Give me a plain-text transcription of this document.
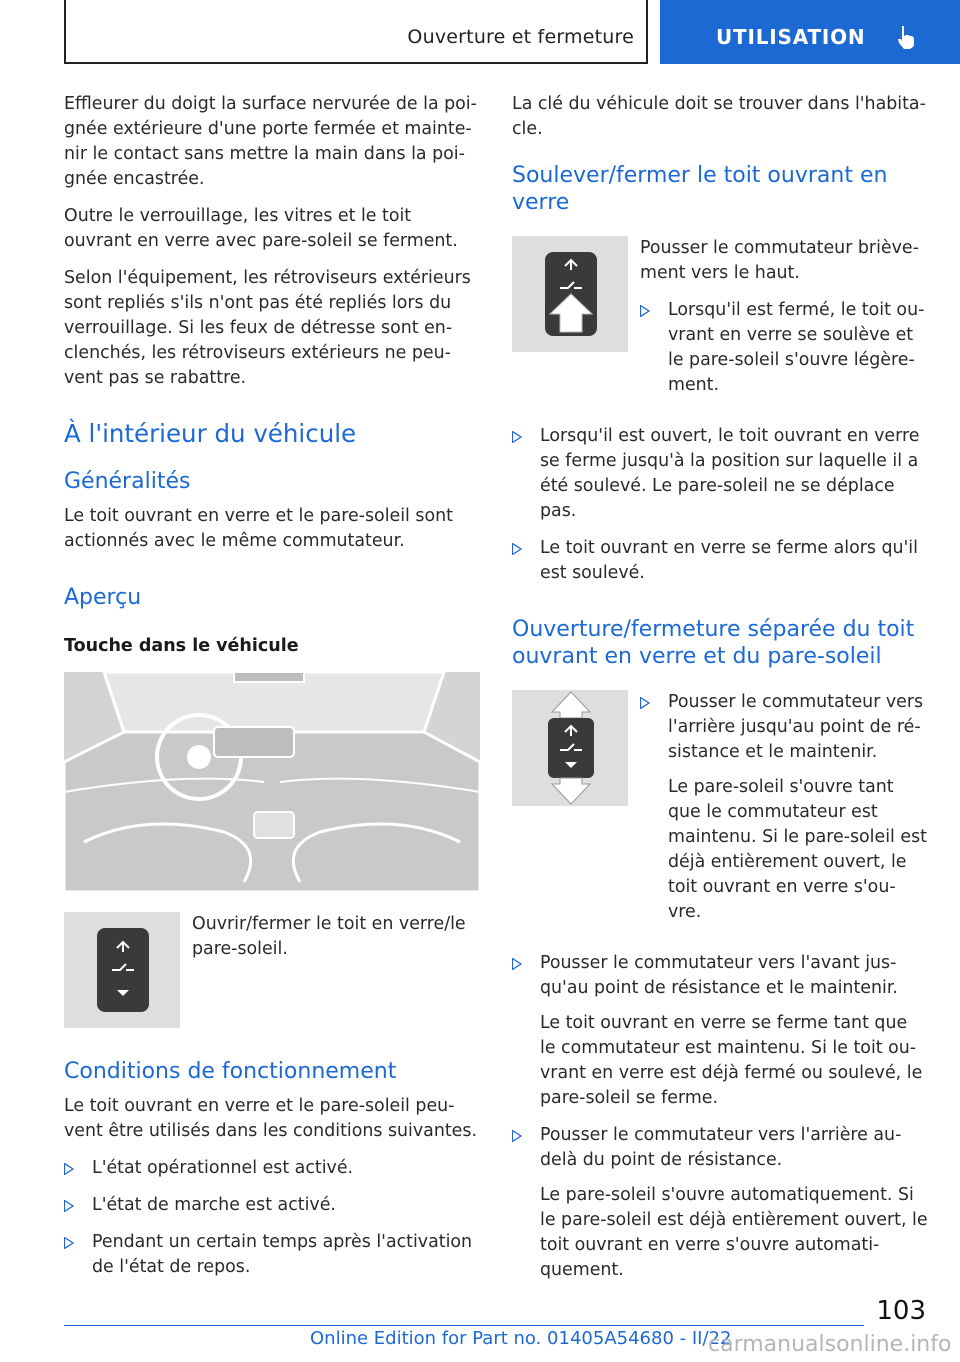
Ouverture et fermeture	UTILISATION

Effleurer du doigt la surface nervurée de la poi-gnée extérieure d'une porte fermée et mainte-nir le contact sans mettre la main dans la poi-gnée encastrée.

Outre le verrouillage, les vitres et le toit ouvrant en verre avec pare-soleil se ferment.

Selon l'équipement, les rétroviseurs extérieurs sont repliés s'ils n'ont pas été repliés lors du verrouillage. Si les feux de détresse sont en-clenchés, les rétroviseurs extérieurs ne peu-vent pas se rabattre.

À l'intérieur du véhicule
Généralités

Le toit ouvrant en verre et le pare-soleil sont actionnés avec le même commutateur.

Aperçu
Touche dans le véhicule

Ouvrir/fermer le toit en verre/le pare-soleil.

Conditions de fonctionnement

Le toit ouvrant en verre et le pare-soleil peu-vent être utilisés dans les conditions suivantes.

L'état opérationnel est activé.

L'état de marche est activé.

Pendant un certain temps après l'activation de l'état de repos.

La clé du véhicule doit se trouver dans l'habita-cle.

Soulever/fermer le toit ouvrant en verre

Pousser le commutateur briève-ment vers le haut.

Lorsqu'il est fermé, le toit ou-vrant en verre se soulève et le pare-soleil s'ouvre légère-ment.

Lorsqu'il est ouvert, le toit ouvrant en verre se ferme jusqu'à la position sur laquelle il a été soulevé. Le pare-soleil ne se déplace pas.

Le toit ouvrant en verre se ferme alors qu'il est soulevé.

Ouverture/fermeture séparée du toit ouvrant en verre et du pare-soleil

Pousser le commutateur vers l'arrière jusqu'au point de ré-sistance et le maintenir.

Le pare-soleil s'ouvre tant que le commutateur est maintenu. Si le pare-soleil est déjà entièrement ouvert, le toit ouvrant en verre s'ou-vre.

Pousser le commutateur vers l'avant jus-qu'au point de résistance et le maintenir.

Le toit ouvrant en verre se ferme tant que le commutateur est maintenu. Si le toit ou-vrant en verre est déjà fermé ou soulevé, le pare-soleil se ferme.

Pousser le commutateur vers l'arrière au-delà du point de résistance.

Le pare-soleil s'ouvre automatiquement. Si le pare-soleil est déjà entièrement ouvert, le toit ouvrant en verre s'ouvre automati-quement.

103
Online Edition for Part no. 01405A54680 - II/22
carmanualsonline.info
